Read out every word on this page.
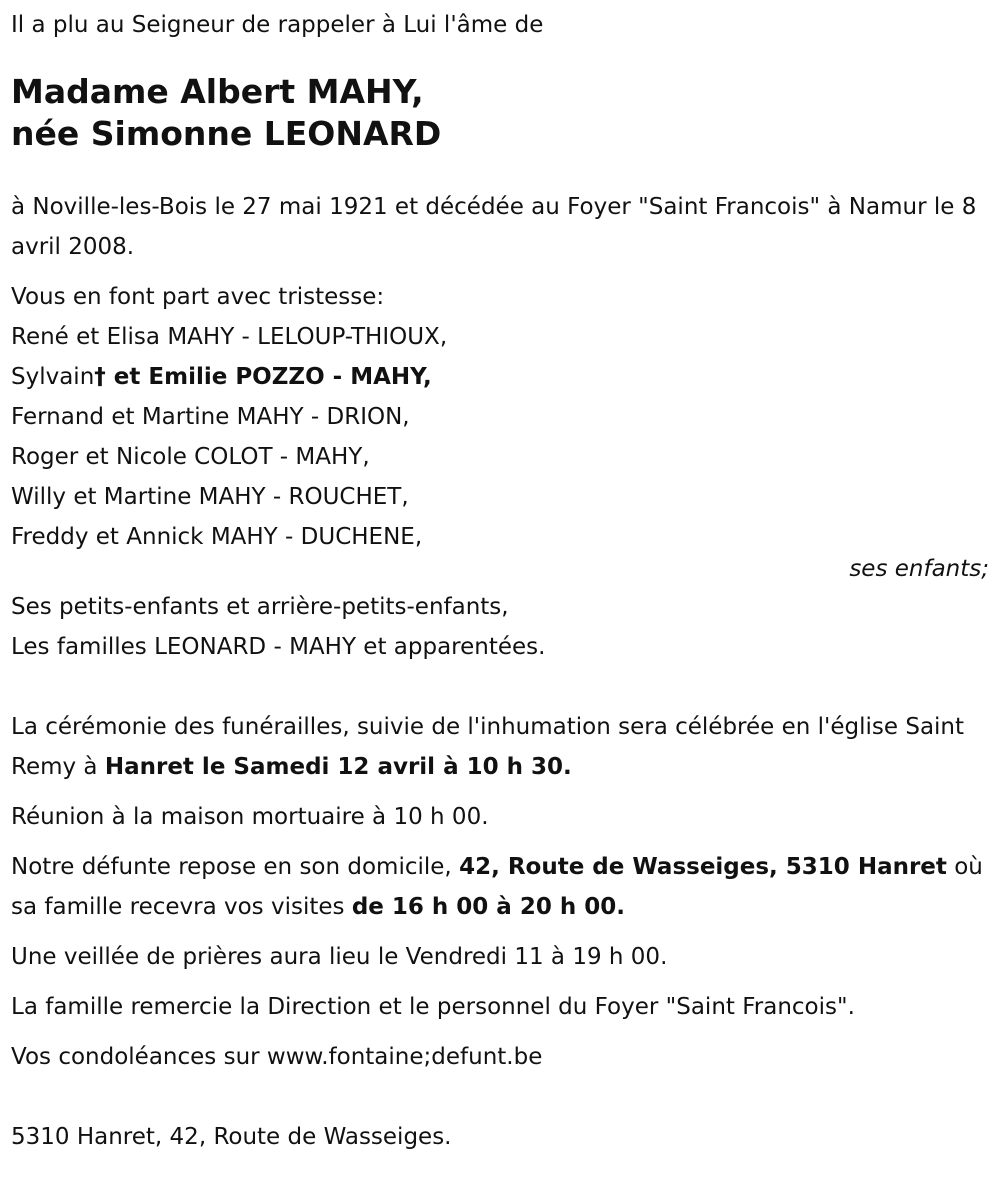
Il a plu au Seigneur de rappeler à Lui l'âme de

Madame Albert MAHY,

née Simonne LEONARD

à Noville-les-Bois le 27 mai 1921 et décédée au Foyer "Saint Francois" à Namur le 8 avril 2008.

Vous en font part avec tristesse:

René et Elisa MAHY - LELOUP-THIOUX,

Sylvain† et Emilie POZZO - MAHY,

Fernand et Martine MAHY - DRION,

Roger et Nicole COLOT - MAHY,

Willy et Martine MAHY - ROUCHET,

Freddy et Annick MAHY - DUCHENE,

ses enfants;

Ses petits-enfants et arrière-petits-enfants,

Les familles LEONARD - MAHY et apparentées.

La cérémonie des funérailles, suivie de l'inhumation sera célébrée en l'église Saint Remy à Hanret le Samedi 12 avril à 10 h 30.

Réunion à la maison mortuaire à 10 h 00.

Notre défunte repose en son domicile, 42, Route de Wasseiges, 5310 Hanret où sa famille recevra vos visites de 16 h 00 à 20 h 00.

Une veillée de prières aura lieu le Vendredi 11 à 19 h 00.

La famille remercie la Direction et le personnel du Foyer "Saint Francois".

Vos condoléances sur www.fontaine;defunt.be

5310 Hanret, 42, Route de Wasseiges.
